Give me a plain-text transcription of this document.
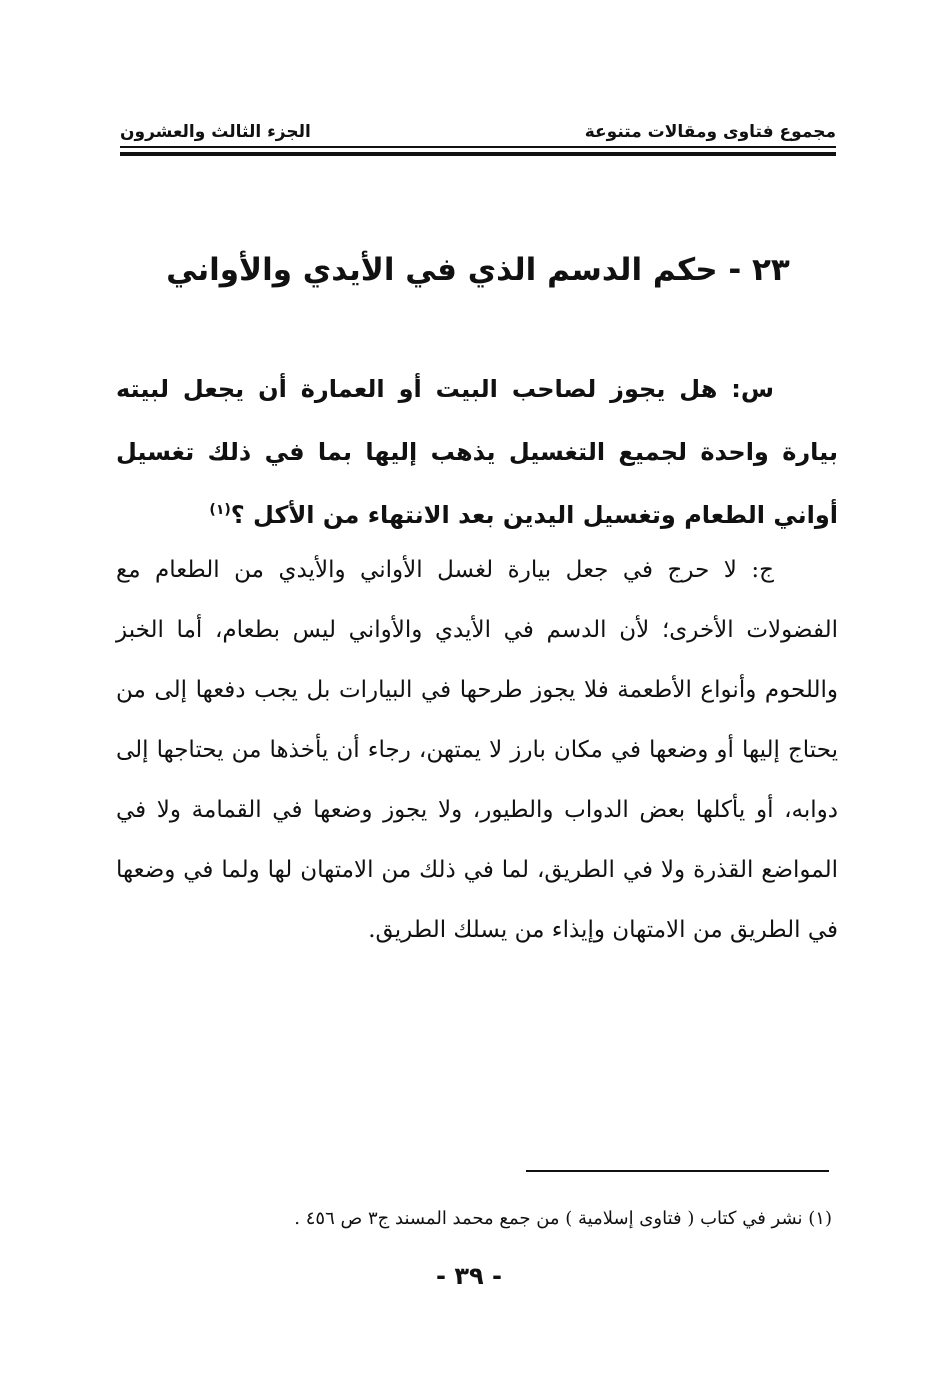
مجموع فتاوى ومقالات متنوعة
الجزء الثالث والعشرون
٢٣ - حكم الدسم الذي في الأيدي والأواني

س: هل يجوز لصاحب البيت أو العمارة أن يجعل لبيته بيارة واحدة لجميع التغسيل يذهب إليها بما في ذلك تغسيل أواني الطعام وتغسيل اليدين بعد الانتهاء من الأكل ؟$^{(١)}$

ج: لا حرج في جعل بيارة لغسل الأواني والأيدي من الطعام مع الفضولات الأخرى؛ لأن الدسم في الأيدي والأواني ليس بطعام، أما الخبز واللحوم وأنواع الأطعمة فلا يجوز طرحها في البيارات بل يجب دفعها إلى من يحتاج إليها أو وضعها في مكان بارز لا يمتهن، رجاء أن يأخذها من يحتاجها إلى دوابه، أو يأكلها بعض الدواب والطيور، ولا يجوز وضعها في القمامة ولا في المواضع القذرة ولا في الطريق، لما في ذلك من الامتهان لها ولما في وضعها في الطريق من الامتهان وإيذاء من يسلك الطريق.

(١) نشر في كتاب ( فتاوى إسلامية ) من جمع محمد المسند ج٣ ص ٤٥٦ .

- ٣٩ -
